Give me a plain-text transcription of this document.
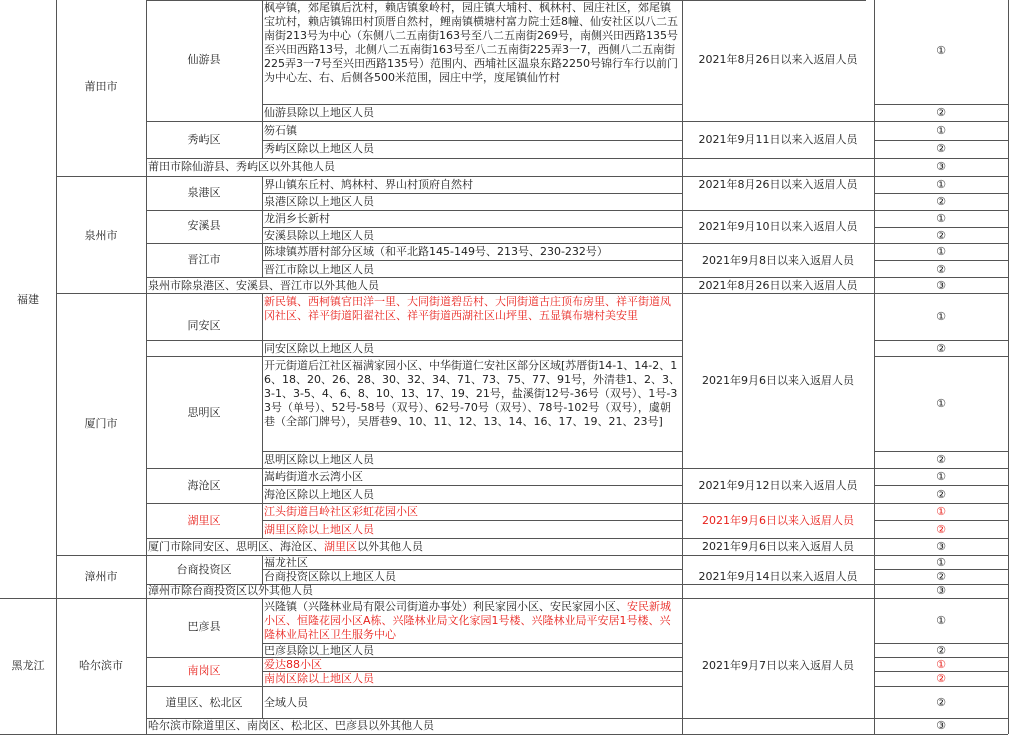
福建
黑龙江
莆田市
泉州市
厦门市
漳州市
哈尔滨市
仙游县
秀屿区
泉港区
安溪县
晋江市
同安区
思明区
海沧区
湖里区
台商投资区
巴彦县
南岗区
道里区、松北区
枫亭镇，郊尾镇后沈村，赖店镇象岭村，园庄镇大埔村、枫林村、园庄社区，郊尾镇宝坑村，赖店镇锦田村顶厝自然村，鲤南镇横塘村富力院士廷8幢、仙安社区以八二五南街213号为中心（东侧八二五南街163号至八二五南街269号，南侧兴田西路135号至兴田西路13号，北侧八二五南街163号至八二五南街225弄3一7，西侧八二五南街225弄3一7号至兴田西路135号）范围内、西埔社区温泉东路2250号锦行车行以前门为中心左、右、后侧各500米范围，园庄中学，度尾镇仙竹村
仙游县除以上地区人员
笏石镇
秀屿区除以上地区人员
莆田市除仙游县、秀屿区以外其他人员
界山镇东丘村、鸠林村、界山村顶府自然村
泉港区除以上地区人员
龙涓乡长新村
安溪县除以上地区人员
陈埭镇苏厝村部分区域（和平北路145-149号、213号、230-232号）
晋江市除以上地区人员
泉州市除泉港区、安溪县、晋江市以外其他人员
新民镇、西柯镇官田洋一里、大同街道碧岳村、大同街道古庄顶布房里、祥平街道凤冈社区、祥平街道阳翟社区、祥平街道西湖社区山坪里、五显镇布塘村美安里
同安区除以上地区人员
开元街道后江社区福满家园小区、中华街道仁安社区部分区域[苏厝街14-1、14-2、16、18、20、26、28、30、32、34、71、73、75、77、91号，外清巷1、2、3、3-1、3-5、4、6、8、10、13、17、19、21号，盐溪街12号-36号（双号）、1号-33号（单号）、52号-58号（双号）、62号-70号（双号）、78号-102号（双号），虞朝巷（全部门牌号），吴厝巷9、10、11、12、13、14、16、17、19、21、23号]
思明区除以上地区人员
嵩屿街道水云湾小区
海沧区除以上地区人员
江头街道吕岭社区彩虹花园小区
湖里区除以上地区人员
厦门市除同安区、思明区、海沧区、湖里区以外其他人员
福龙社区
台商投资区除以上地区人员
漳州市除台商投资区以外其他人员
兴隆镇（兴隆林业局有限公司街道办事处）利民家园小区、安民家园小区、安民新城小区、恒隆花园小区A栋、兴隆林业局文化家园1号楼、兴隆林业局平安居1号楼、兴隆林业局社区卫生服务中心
巴彦县除以上地区人员
爱达88小区
南岗区除以上地区人员
全域人员
哈尔滨市除道里区、南岗区、松北区、巴彦县以外其他人员
2021年8月26日以来入返眉人员
2021年9月11日以来入返眉人员
2021年8月26日以来入返眉人员
2021年9月10日以来入返眉人员
2021年9月8日以来入返眉人员
2021年8月26日以来入返眉人员
2021年9月6日以来入返眉人员
2021年9月12日以来入返眉人员
2021年9月6日以来入返眉人员
2021年9月6日以来入返眉人员
2021年9月14日以来入返眉人员
2021年9月7日以来入返眉人员
①
②
①
②
③
①
②
①
②
①
②
③
①
②
①
②
①
②
①
②
③
①
②
③
①
②
①
②
②
③
